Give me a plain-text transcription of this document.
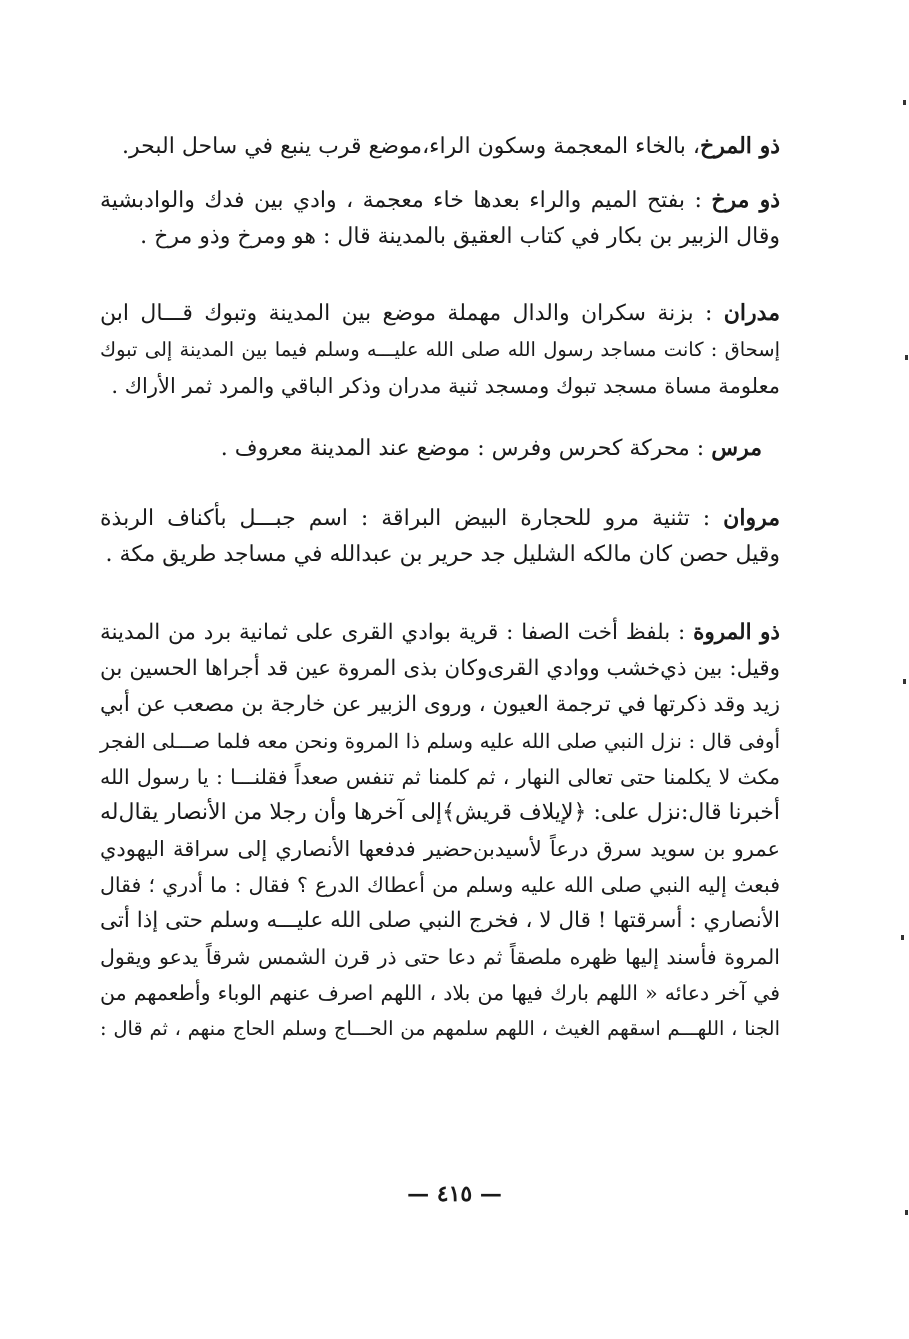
ذو المرخ، بالخاء المعجمة وسكون الراء،موضع قرب ينبع في ساحل البحر.
ذو مرخ : بفتح الميم والراء بعدها خاء معجمة ، وادي بين فدك والوادبشية
وقال الزبير بن بكار في كتاب العقيق بالمدينة قال : هو ومرخ وذو مرخ .
مدران : بزنة سكران والدال مهملة موضع بين المدينة وتبوك قـــال ابن
إسحاق : كانت مساجد رسول الله صلى الله عليـــه وسلم فيما بين المدينة إلى تبوك
معلومة مساة مسجد تبوك ومسجد ثنية مدران وذكر الباقي والمرد ثمر الأراك .
مرس : محركة كحرس وفرس : موضع عند المدينة معروف .
مروان : تثنية مرو للحجارة البيض البراقة : اسم جبـــل بأكناف الربذة
وقيل حصن كان مالكه الشليل جد حرير بن عبدالله في مساجد طريق مكة .
ذو المروة : بلفظ أخت الصفا : قرية بوادي القرى على ثمانية برد من المدينة
وقيل: بين ذي‌خشب ووادي القرى‌وكان بذى المروة عين قد أجراها الحسين بن
زيد وقد ذكرتها في ترجمة العيون ، وروى الزبير عن خارجة بن مصعب عن أبي
أوفى قال : نزل النبي صلى الله عليه وسلم ذا المروة ونحن معه فلما صـــلى الفجر
مكث لا يكلمنا حتى تعالى النهار ، ثم كلمنا ثم تنفس صعداً فقلنـــا : يا رسول الله
أخبرنا قال:نزل على: ﴿لإيلاف قريش﴾إلى آخرها وأن رجلا من الأنصار يقال‌له
عمرو بن سويد سرق درعاً لأسيدبن‌حضير فدفعها الأنصاري إلى سراقة اليهودي
فبعث إليه النبي صلى الله عليه وسلم من أعطاك الدرع ؟ فقال : ما أدري ؛ فقال
الأنصاري : أسرقتها ! قال لا ، فخرج النبي صلى الله عليـــه وسلم حتى إذا أتى
المروة فأسند إليها ظهره ملصقاً ثم دعا حتى ذر قرن الشمس شرقاً يدعو ويقول
في آخر دعائه « اللهم بارك فيها من بلاد ، اللهم اصرف عنهم الوباء وأطعمهم من
الجنا ، اللهـــم اسقهم الغيث ، اللهم سلمهم من الحـــاج وسلم الحاج منهم ، ثم قال :
— ٤١٥ —
